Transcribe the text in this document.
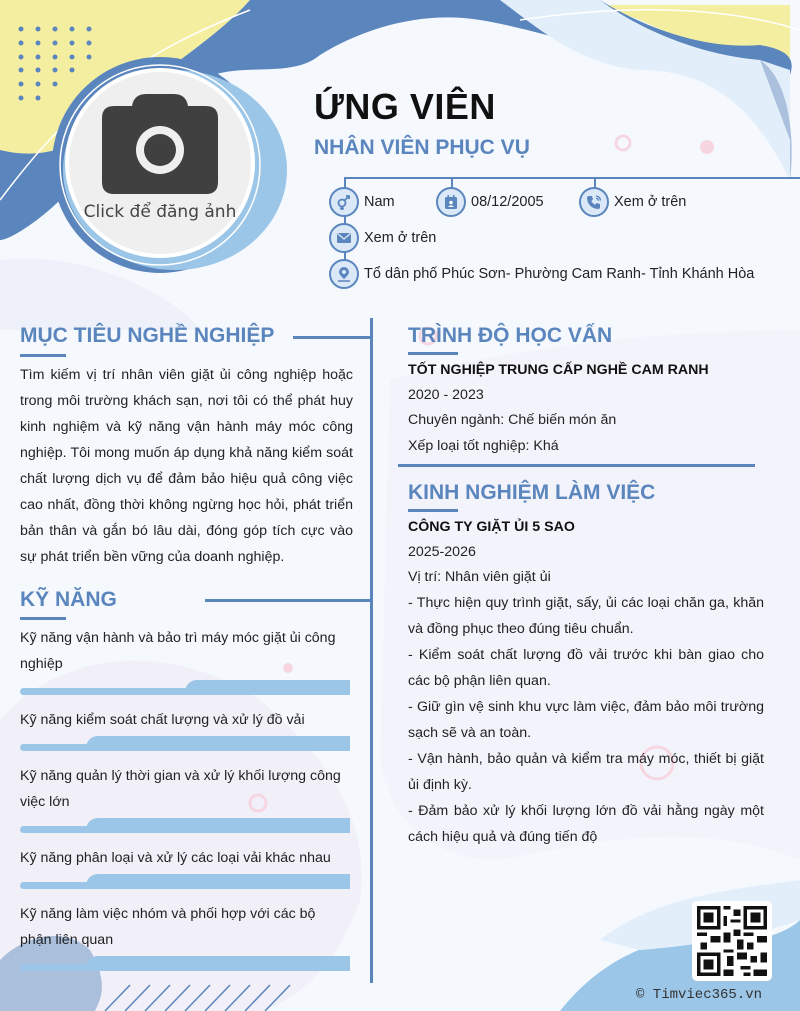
Click để đăng ảnh
ỨNG VIÊN
NHÂN VIÊN PHỤC VỤ
Nam	08/12/2005	Xem ở trên
Xem ở trên
Tổ dân phố Phúc Sơn- Phường Cam Ranh- Tỉnh Khánh Hòa
MỤC TIÊU NGHỀ NGHIỆP
Tìm kiếm vị trí nhân viên giặt ủi công nghiệp hoặc trong môi trường khách sạn, nơi tôi có thể phát huy kinh nghiệm và kỹ năng vận hành máy móc công nghiệp. Tôi mong muốn áp dụng khả năng kiểm soát chất lượng dịch vụ để đảm bảo hiệu quả công việc cao nhất, đồng thời không ngừng học hỏi, phát triển bản thân và gắn bó lâu dài, đóng góp tích cực vào sự phát triển bền vững của doanh nghiệp.
KỸ NĂNG
Kỹ năng vận hành và bảo trì máy móc giặt ủi công nghiệp
Kỹ năng kiểm soát chất lượng và xử lý đồ vải
Kỹ năng quản lý thời gian và xử lý khối lượng công việc lớn
Kỹ năng phân loại và xử lý các loại vải khác nhau
Kỹ năng làm việc nhóm và phối hợp với các bộ phận liên quan
TRÌNH ĐỘ HỌC VẤN
TỐT NGHIỆP TRUNG CẤP NGHỀ CAM RANH
2020 - 2023
Chuyên ngành: Chế biến món ăn
Xếp loại tốt nghiệp: Khá
KINH NGHIỆM LÀM VIỆC
CÔNG TY GIẶT ỦI 5 SAO
2025-2026
Vị trí: Nhân viên giặt ủi
- Thực hiện quy trình giặt, sấy, ủi các loại chăn ga, khăn và đồng phục theo đúng tiêu chuẩn.
- Kiểm soát chất lượng đồ vải trước khi bàn giao cho các bộ phận liên quan.
- Giữ gìn vệ sinh khu vực làm việc, đảm bảo môi trường sạch sẽ và an toàn.
- Vận hành, bảo quản và kiểm tra máy móc, thiết bị giặt ủi định kỳ.
- Đảm bảo xử lý khối lượng lớn đồ vải hằng ngày một cách hiệu quả và đúng tiến độ
© Timviec365.vn
